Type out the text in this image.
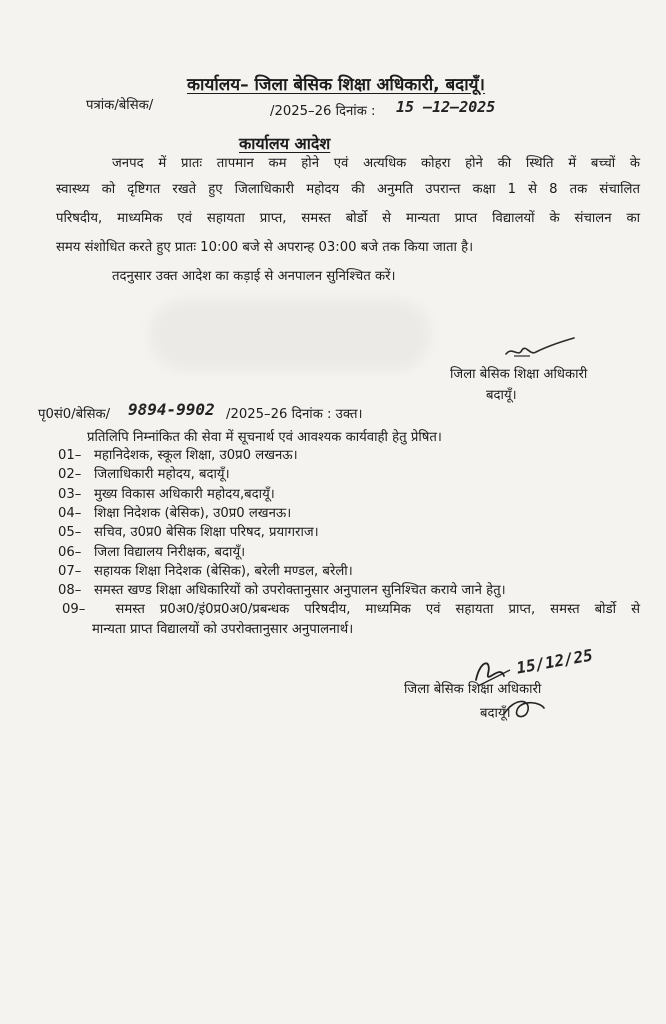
कार्यालय– जिला बेसिक शिक्षा अधिकारी, बदायूँ।
पत्रांक/बेसिक/	/2025–26 दिनांक : 15 –12–2025
कार्यालय आदेश
जनपद में प्रातः तापमान कम होने एवं अत्यधिक कोहरा होने की स्थिति में बच्चों के
स्वास्थ्य को दृष्टिगत रखते हुए जिलाधिकारी महोदय की अनुमति उपरान्त कक्षा 1 से 8 तक संचालित
परिषदीय, माध्यमिक एवं सहायता प्राप्त, समस्त बोर्डो से मान्यता प्राप्त विद्यालयों के संचालन का
समय संशोधित करते हुए प्रातः 10:00 बजे से अपरान्ह 03:00 बजे तक किया जाता है।
तदनुसार उक्त आदेश का कड़ाई से अनपालन सुनिश्चित करें।
जिला बेसिक शिक्षा अधिकारी
बदायूँ।
पृ0सं0/बेसिक/ 9894-9902 /2025–26 दिनांक : उक्त।
प्रतिलिपि निम्नांकित की सेवा में सूचनार्थ एवं आवश्यक कार्यवाही हेतु प्रेषित।
01– महानिदेशक, स्कूल शिक्षा, उ0प्र0 लखनऊ।
02– जिलाधिकारी महोदय, बदायूँ।
03– मुख्य विकास अधिकारी महोदय,बदायूँ।
04– शिक्षा निदेशक (बेसिक), उ0प्र0 लखनऊ।
05– सचिव, उ0प्र0 बेसिक शिक्षा परिषद, प्रयागराज।
06– जिला विद्यालय निरीक्षक, बदायूँ।
07– सहायक शिक्षा निदेशक (बेसिक), बरेली मण्डल, बरेली।
08– समस्त खण्ड शिक्षा अधिकारियों को उपरोक्तानुसार अनुपालन सुनिश्चित कराये जाने हेतु।
09– समस्त प्र0अ0/इं0प्र0अ0/प्रबन्धक परिषदीय, माध्यमिक एवं सहायता प्राप्त, समस्त बोर्डो से
मान्यता प्राप्त विद्यालयों को उपरोक्तानुसार अनुपालनार्थ।
15/12/25
जिला बेसिक शिक्षा अधिकारी
बदायूँ।
